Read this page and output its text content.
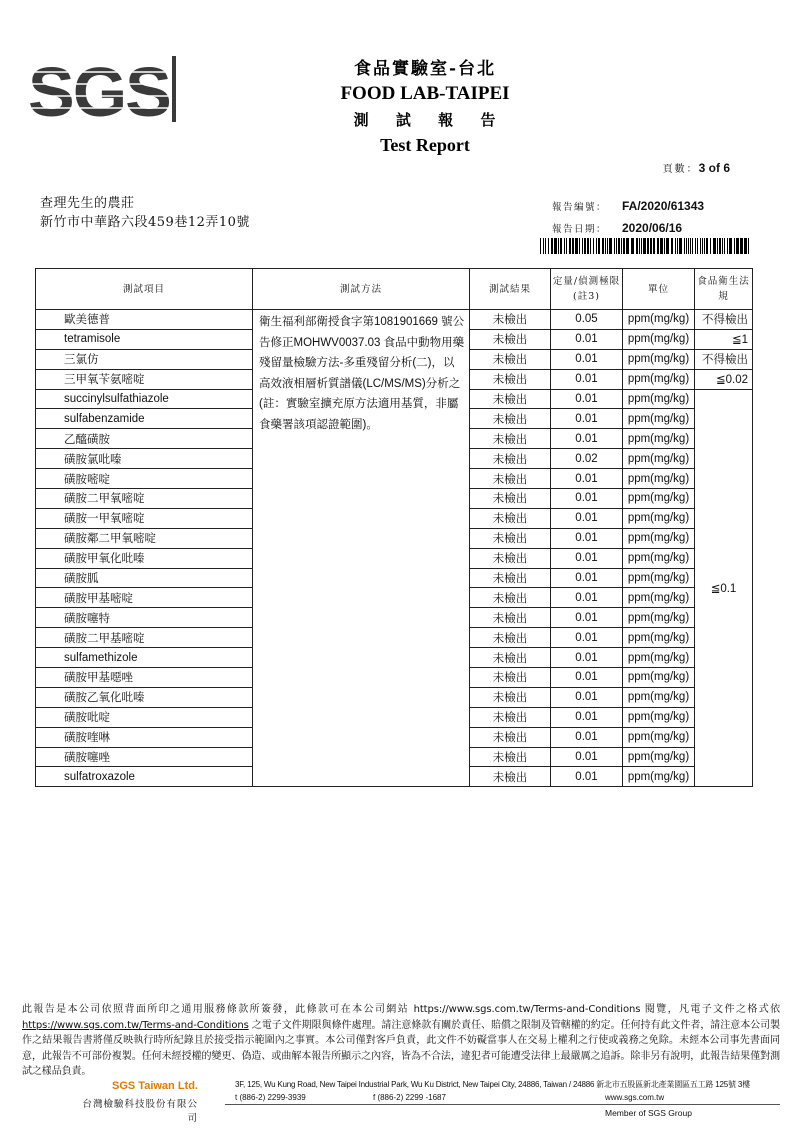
SGS	食品實驗室-台北
FOOD LAB-TAIPEI
測 試 報 告
Test Report
頁數：3 of 6
查理先生的農莊
新竹市中華路六段459巷12弄10號
報告編號： FA/2020/61343
報告日期： 2020/06/16
測試項目	測試方法	測試結果	定量/偵測極限(註3)	單位	食品衛生法規
歐美德普	衛生福利部衛授食字第1081901669 號公告修正MOHWV0037.03 食品中動物用藥殘留量檢驗方法-多重殘留分析(二)，以高效液相層析質譜儀(LC/MS/MS)分析之(註：實驗室擴充原方法適用基質，非屬食藥署該項認證範圍)。	未檢出	0.05	ppm(mg/kg)	不得檢出
tetramisole		未檢出	0.01	ppm(mg/kg)	≦1
三氯仿		未檢出	0.01	ppm(mg/kg)	不得檢出
三甲氧苄氨嘧啶		未檢出	0.01	ppm(mg/kg)	≦0.02
succinylsulfathiazole		未檢出	0.01	ppm(mg/kg)	≦0.1
sulfabenzamide		未檢出	0.01	ppm(mg/kg)	
乙醯磺胺		未檢出	0.01	ppm(mg/kg)	
磺胺氯吡嗪		未檢出	0.02	ppm(mg/kg)	
磺胺嘧啶		未檢出	0.01	ppm(mg/kg)	
磺胺二甲氧嘧啶		未檢出	0.01	ppm(mg/kg)	
磺胺一甲氧嘧啶		未檢出	0.01	ppm(mg/kg)	
磺胺鄰二甲氧嘧啶		未檢出	0.01	ppm(mg/kg)	
磺胺甲氧化吡嗪		未檢出	0.01	ppm(mg/kg)	
磺胺胍		未檢出	0.01	ppm(mg/kg)	
磺胺甲基嘧啶		未檢出	0.01	ppm(mg/kg)	
磺胺噻特		未檢出	0.01	ppm(mg/kg)	
磺胺二甲基嘧啶		未檢出	0.01	ppm(mg/kg)	
sulfamethizole		未檢出	0.01	ppm(mg/kg)	
磺胺甲基噁唑		未檢出	0.01	ppm(mg/kg)	
磺胺乙氧化吡嗪		未檢出	0.01	ppm(mg/kg)	
磺胺吡啶		未檢出	0.01	ppm(mg/kg)	
磺胺喹啉		未檢出	0.01	ppm(mg/kg)	
磺胺噻唑		未檢出	0.01	ppm(mg/kg)	
sulfatroxazole		未檢出	0.01	ppm(mg/kg)	
此報告是本公司依照背面所印之通用服務條款所簽發，此條款可在本公司網站 https://www.sgs.com.tw/Terms-and-Conditions 閱覽，凡電子文件之格式依https://www.sgs.com.tw/Terms-and-Conditions 之電子文件期限與條件處理。請注意條款有關於責任、賠償之限制及管轄權的約定。任何持有此文件者，請注意本公司製作之結果報告書將僅反映執行時所紀錄且於接受指示範圍內之事實。本公司僅對客戶負責，此文件不妨礙當事人在交易上權利之行使或義務之免除。未經本公司事先書面同意，此報告不可部份複製。任何未經授權的變更、偽造、或曲解本報告所顯示之內容，皆為不合法，違犯者可能遭受法律上最嚴厲之追訴。除非另有說明，此報告結果僅對測試之樣品負責。
SGS Taiwan Ltd.
台灣檢驗科技股份有限公司
3F, 125, Wu Kung Road, New Taipei Industrial Park, Wu Ku District, New Taipei City, 24886, Taiwan / 24886 新北市五股區新北產業園區五工路 125號 3樓
t (886-2) 2299-3939	f (886-2) 2299 -1687	www.sgs.com.tw
Member of SGS Group
